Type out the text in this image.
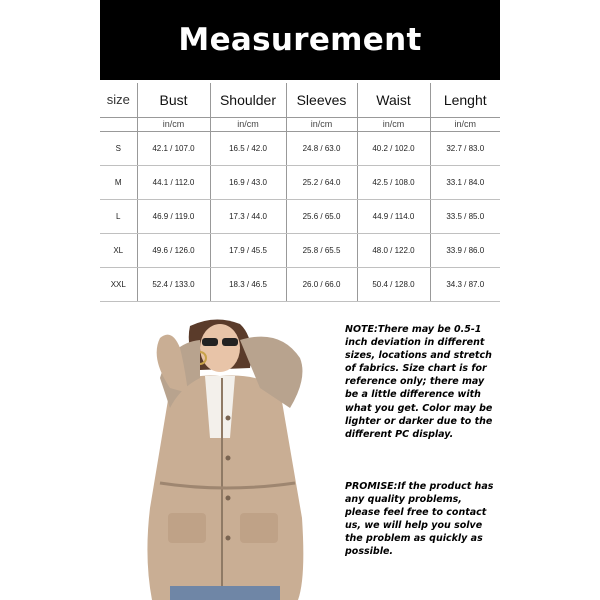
Measurement
size	Bust	Shoulder	Sleeves	Waist	Lenght
	in/cm	in/cm	in/cm	in/cm	in/cm
S	42.1 / 107.0	16.5 / 42.0	24.8 / 63.0	40.2 / 102.0	32.7 / 83.0
M	44.1 / 112.0	16.9 / 43.0	25.2 / 64.0	42.5 / 108.0	33.1 / 84.0
L	46.9 / 119.0	17.3 / 44.0	25.6 / 65.0	44.9 / 114.0	33.5 / 85.0
XL	49.6 / 126.0	17.9 / 45.5	25.8 / 65.5	48.0 / 122.0	33.9 / 86.0
XXL	52.4 / 133.0	18.3 / 46.5	26.0 / 66.0	50.4 / 128.0	34.3 / 87.0

NOTE:There may be 0.5-1 inch deviation in different sizes, locations and stretch of fabrics. Size chart is for reference only; there may be a little difference with what you get. Color may be lighter or darker due to the different PC display.

PROMISE:If the product has any quality problems, please feel free to contact us, we will help you solve the problem as quickly as possible.
